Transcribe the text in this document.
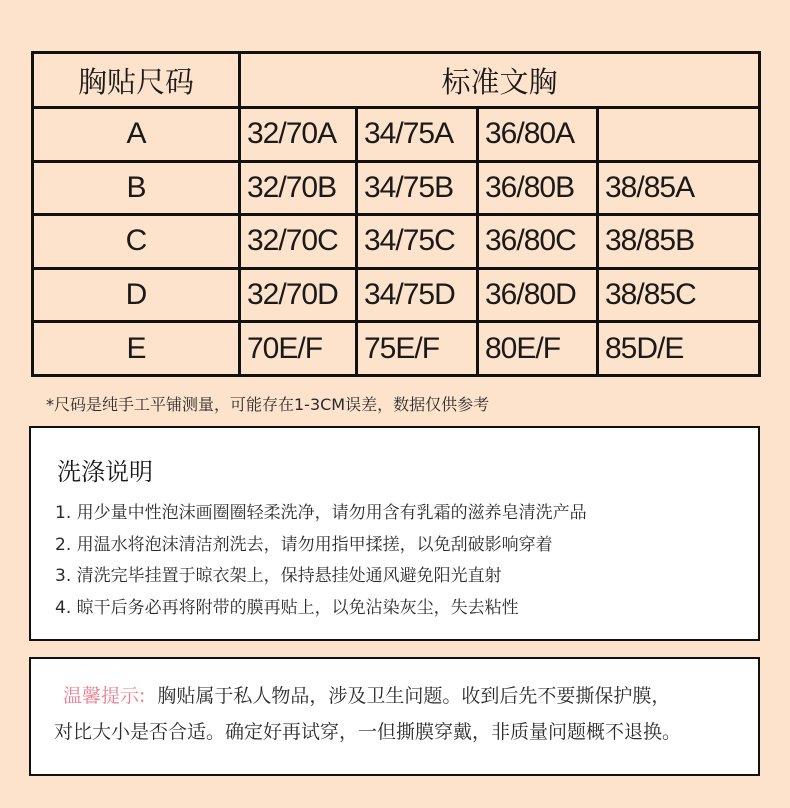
胸贴尺码	标准文胸			
A	32/70A	34/75A	36/80A	
B	32/70B	34/75B	36/80B	38/85A
C	32/70C	34/75C	36/80C	38/85B
D	32/70D	34/75D	36/80D	38/85C
E	70E/F	75E/F	80E/F	85D/E
*尺码是纯手工平铺测量，可能存在1-3CM误差，数据仅供参考
洗涤说明
1. 用少量中性泡沫画圈圈轻柔洗净，请勿用含有乳霜的滋养皂清洗产品
2. 用温水将泡沫清洁剂洗去，请勿用指甲揉搓，以免刮破影响穿着
3. 清洗完毕挂置于晾衣架上，保持悬挂处通风避免阳光直射
4. 晾干后务必再将附带的膜再贴上，以免沾染灰尘，失去粘性
温馨提示: 胸贴属于私人物品，涉及卫生问题。收到后先不要撕保护膜，
对比大小是否合适。确定好再试穿，一但撕膜穿戴，非质量问题概不退换。
